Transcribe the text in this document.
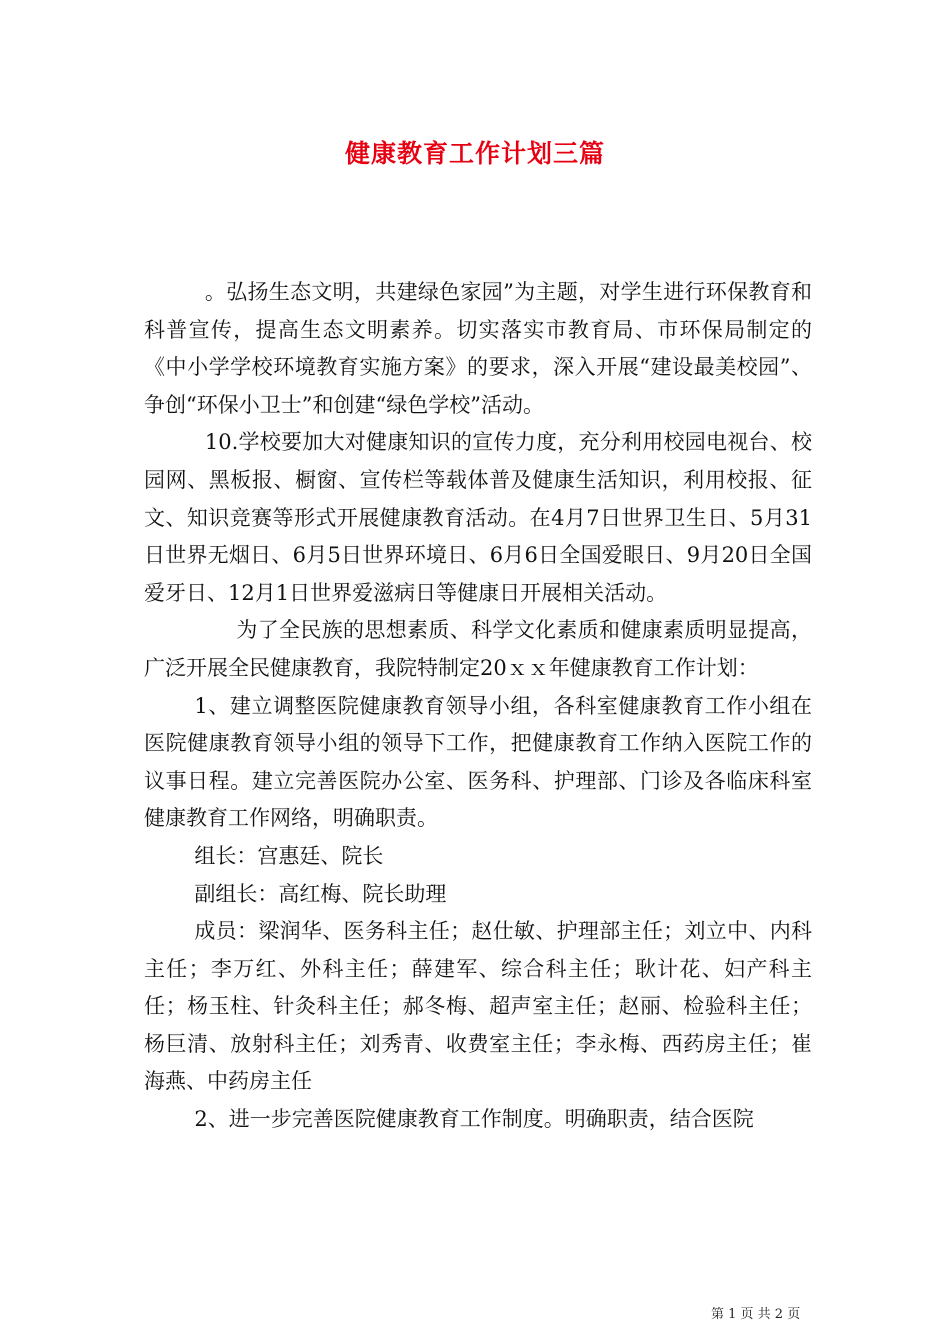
健康教育工作计划三篇

。弘扬生态文明，共建绿色家园”为主题，对学生进行环保教育和科普宣传，提高生态文明素养。切实落实市教育局、市环保局制定的《中小学学校环境教育实施方案》的要求，深入开展“建设最美校园”、争创“环保小卫士”和创建“绿色学校”活动。

10.学校要加大对健康知识的宣传力度，充分利用校园电视台、校园网、黑板报、橱窗、宣传栏等载体普及健康生活知识，利用校报、征文、知识竞赛等形式开展健康教育活动。在4月7日世界卫生日、5月31日世界无烟日、6月5日世界环境日、6月6日全国爱眼日、9月20日全国爱牙日、12月1日世界爱滋病日等健康日开展相关活动。

为了全民族的思想素质、科学文化素质和健康素质明显提高，广泛开展全民健康教育，我院特制定20ｘｘ年健康教育工作计划：

1、建立调整医院健康教育领导小组，各科室健康教育工作小组在医院健康教育领导小组的领导下工作，把健康教育工作纳入医院工作的议事日程。建立完善医院办公室、医务科、护理部、门诊及各临床科室健康教育工作网络，明确职责。

组长：宫惠廷、院长

副组长：高红梅、院长助理

成员：梁润华、医务科主任；赵仕敏、护理部主任；刘立中、内科主任；李万红、外科主任；薛建军、综合科主任；耿计花、妇产科主任；杨玉柱、针灸科主任；郝冬梅、超声室主任；赵丽、检验科主任；杨巨清、放射科主任；刘秀青、收费室主任；李永梅、西药房主任；崔海燕、中药房主任

2、进一步完善医院健康教育工作制度。明确职责，结合医院

第 1 页 共 2 页
